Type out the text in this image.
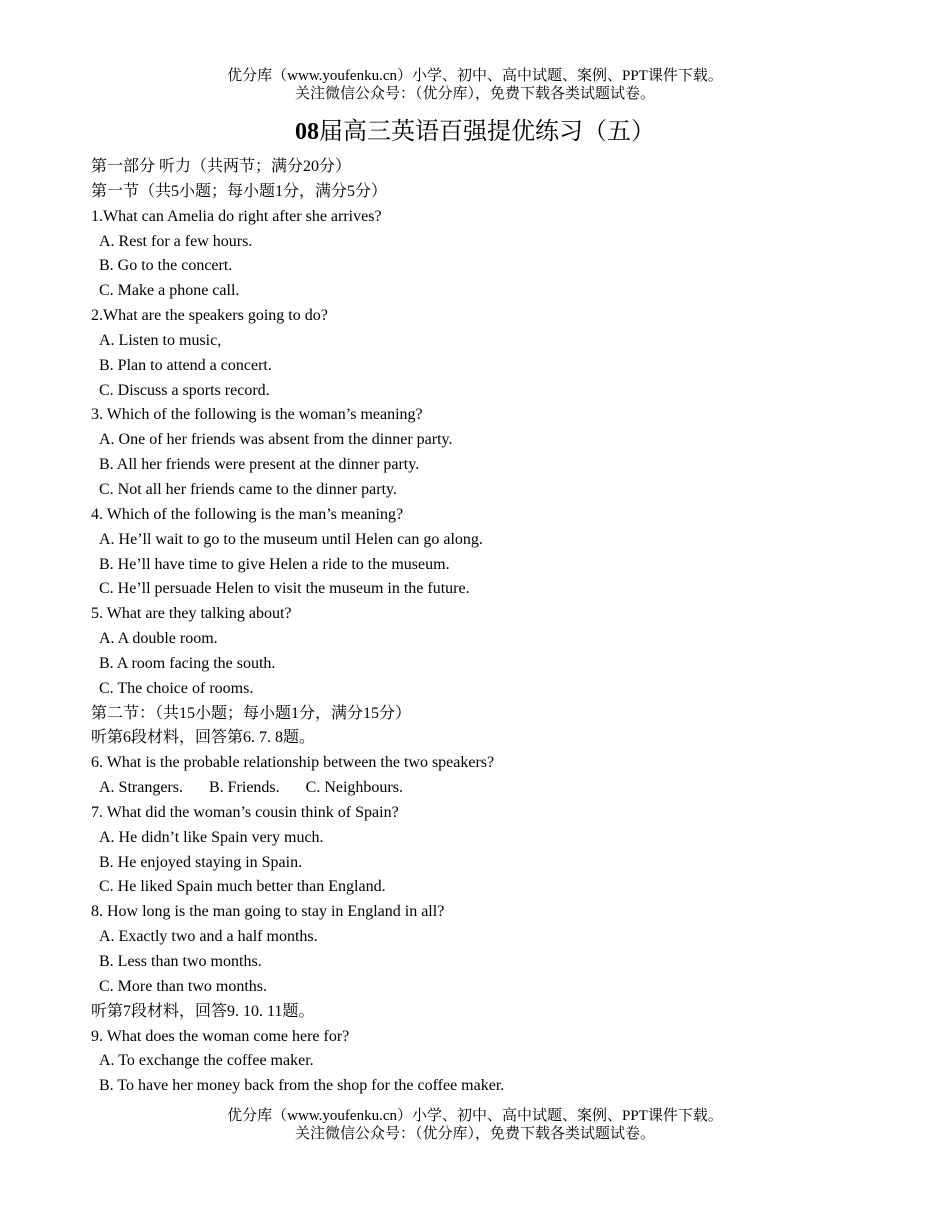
优分库（www.youfenku.cn）小学、初中、高中试题、案例、PPT课件下载。
关注微信公众号：（优分库），免费下载各类试题试卷。
08届高三英语百强提优练习（五）
第一部分 听力（共两节；满分20分）
第一节（共5小题；每小题1分，满分5分）
1.What can Amelia do right after she arrives?
A. Rest for a few hours.
B. Go to the concert.
C. Make a phone call.
2.What are the speakers going to do?
A. Listen to music,
B. Plan to attend a concert.
C. Discuss a sports record.
3. Which of the following is the woman’s meaning?
A. One of her friends was absent from the dinner party.
B. All her friends were present at the dinner party.
C. Not all her friends came to the dinner party.
4. Which of the following is the man’s meaning?
A. He’ll wait to go to the museum until Helen can go along.
B. He’ll have time to give Helen a ride to the museum.
C. He’ll persuade Helen to visit the museum in the future.
5. What are they talking about?
A. A double room.
B. A room facing the south.
C. The choice of rooms.
第二节：（共15小题；每小题1分，满分15分）
听第6段材料，回答第6. 7. 8题。
6. What is the probable relationship between the two speakers?
A. Strangers. B. Friends. C. Neighbours.
7. What did the woman’s cousin think of Spain?
A. He didn’t like Spain very much.
B. He enjoyed staying in Spain.
C. He liked Spain much better than England.
8. How long is the man going to stay in England in all?
A. Exactly two and a half months.
B. Less than two months.
C. More than two months.
听第7段材料，回答9. 10. 11题。
9. What does the woman come here for?
A. To exchange the coffee maker.
B. To have her money back from the shop for the coffee maker.
优分库（www.youfenku.cn）小学、初中、高中试题、案例、PPT课件下载。
关注微信公众号：（优分库），免费下载各类试题试卷。
